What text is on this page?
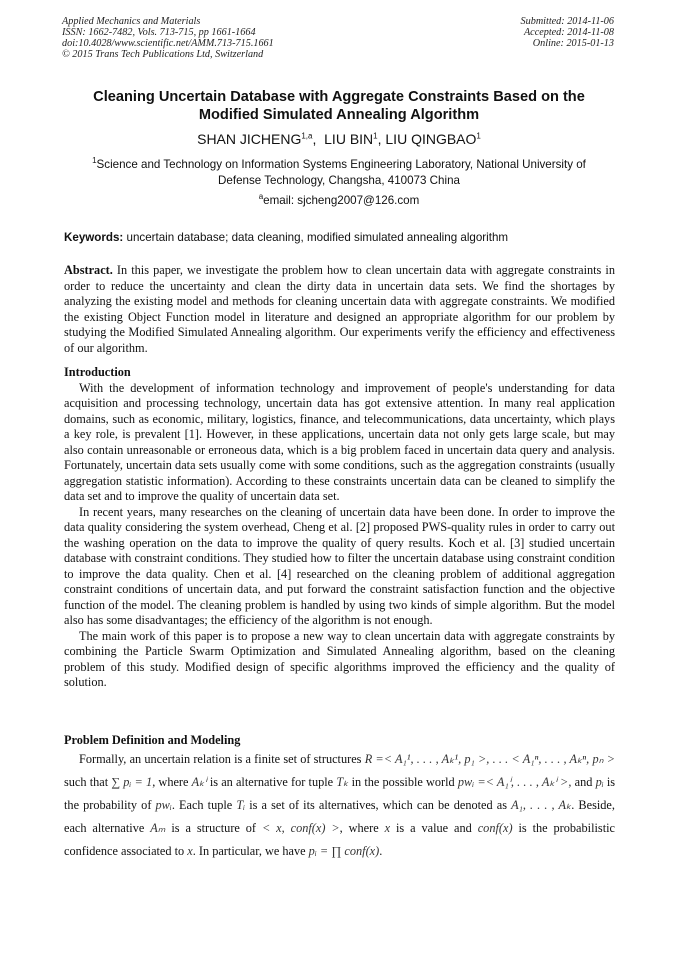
Applied Mechanics and Materials
ISSN: 1662-7482, Vols. 713-715, pp 1661-1664
doi:10.4028/www.scientific.net/AMM.713-715.1661
© 2015 Trans Tech Publications Ltd, Switzerland
Submitted: 2014-11-06
Accepted: 2014-11-08
Online: 2015-01-13
Cleaning Uncertain Database with Aggregate Constraints Based on the
Modified Simulated Annealing Algorithm
SHAN JICHENG$^{1,a}$, LIU BIN$^1$, LIU QINGBAO$^1$
$^1$Science and Technology on Information Systems Engineering Laboratory, National University of Defense Technology, Changsha, 410073 China
$^a$email: sjcheng2007@126.com
Keywords: uncertain database; data cleaning, modified simulated annealing algorithm

Abstract. In this paper, we investigate the problem how to clean uncertain data with aggregate constraints in order to reduce the uncertainty and clean the dirty data in uncertain data sets. We find the shortages by analyzing the existing model and methods for cleaning uncertain data with aggregate constraints. We modified the existing Object Function model in literature and designed an appropriate algorithm for our problem by studying the Modified Simulated Annealing algorithm. Our experiments verify the efficiency and effectiveness of our algorithm.

Introduction

With the development of information technology and improvement of people's understanding for data acquisition and processing technology, uncertain data has got extensive attention. In many real application domains, such as economic, military, logistics, finance, and telecommunications, data uncertainty, which plays a key role, is prevalent [1]. However, in these applications, uncertain data not only gets large scale, but may also contain unreasonable or erroneous data, which is a big problem faced in uncertain data query and analysis. Fortunately, uncertain data sets usually come with some conditions, such as the aggregation constraints (usually aggregation statistic information). According to these constraints uncertain data can be cleaned to simplify the data set and to improve the quality of uncertain data set.

In recent years, many researches on the cleaning of uncertain data have been done. In order to improve the data quality considering the system overhead, Cheng et al. [2] proposed PWS-quality rules in order to carry out the washing operation on the data to improve the quality of query results. Koch et al. [3] studied uncertain database with constraint conditions. They studied how to filter the uncertain database using constraint condition to improve the data quality. Chen et al. [4] researched on the cleaning problem of additional aggregation constraint conditions of uncertain data, and put forward the constraint satisfaction function and the objective function of the model. The cleaning problem is handled by using two kinds of simple algorithm. But the model also has some disadvantages; the efficiency of the algorithm is not enough.

The main work of this paper is to propose a new way to clean uncertain data with aggregate constraints by combining the Particle Swarm Optimization and Simulated Annealing algorithm, based on the cleaning problem of this study. Modified design of specific algorithms improved the efficiency and the quality of solution.

Problem Definition and Modeling

Formally, an uncertain relation is a finite set of structures R =< A₁¹, . . . , Aₖ¹, p₁ >, . . . < A₁ⁿ, . . . , Aₖⁿ, pₙ > such that ∑ pᵢ = 1, where Aₖⁱ is an alternative for tuple Tₖ in the possible world pwᵢ =< A₁ⁱ, . . . , Aₖⁱ >, and pᵢ is the probability of pwᵢ. Each tuple Tᵢ is a set of its alternatives, which can be denoted as A₁, . . . , Aₖ. Beside, each alternative Aₘ is a structure of < x, conf(x) >, where x is a value and conf(x) is the probabilistic confidence associated to x. In particular, we have pᵢ = ∏ conf(x).
